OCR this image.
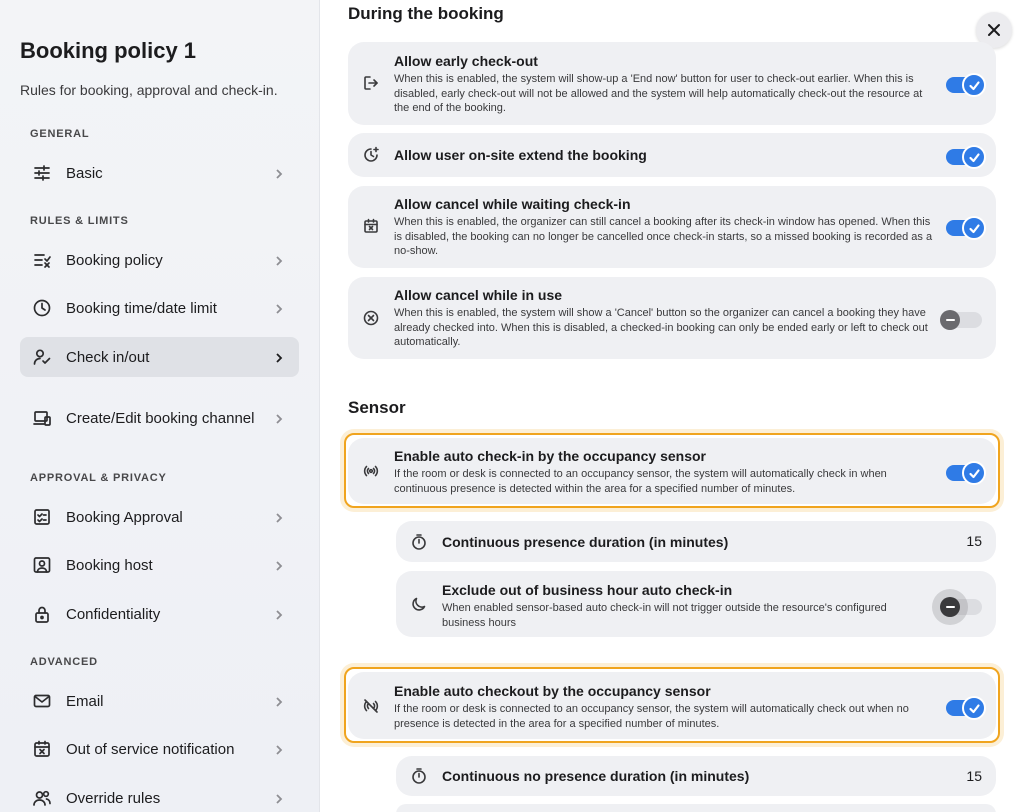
Booking policy 1
Rules for booking, approval and check-in.
GENERAL
Basic
RULES & LIMITS
Booking policy
Booking time/date limit
Check in/out
Create/Edit booking channel
APPROVAL & PRIVACY
Booking Approval
Booking host
Confidentiality
ADVANCED
Email
Out of service notification
Override rules
During the booking
Allow early check-out
When this is enabled, the system will show-up a 'End now' button for user to check-out earlier. When this is disabled, early check-out will not be allowed and the system will help automatically check-out the resource at the end of the booking.
Allow user on-site extend the booking
Allow cancel while waiting check-in
When this is enabled, the organizer can still cancel a booking after its check-in window has opened. When this is disabled, the booking can no longer be cancelled once check-in starts, so a missed booking is recorded as a no-show.
Allow cancel while in use
When this is enabled, the system will show a 'Cancel' button so the organizer can cancel a booking they have already checked into. When this is disabled, a checked-in booking can only be ended early or left to check out automatically.
Sensor
Enable auto check-in by the occupancy sensor
If the room or desk is connected to an occupancy sensor, the system will automatically check in when continuous presence is detected within the area for a specified number of minutes.
Continuous presence duration (in minutes)	15
Exclude out of business hour auto check-in
When enabled sensor-based auto check-in will not trigger outside the resource's configured business hours
Enable auto checkout by the occupancy sensor
If the room or desk is connected to an occupancy sensor, the system will automatically check out when no presence is detected in the area for a specified number of minutes.
Continuous no presence duration (in minutes)	15
